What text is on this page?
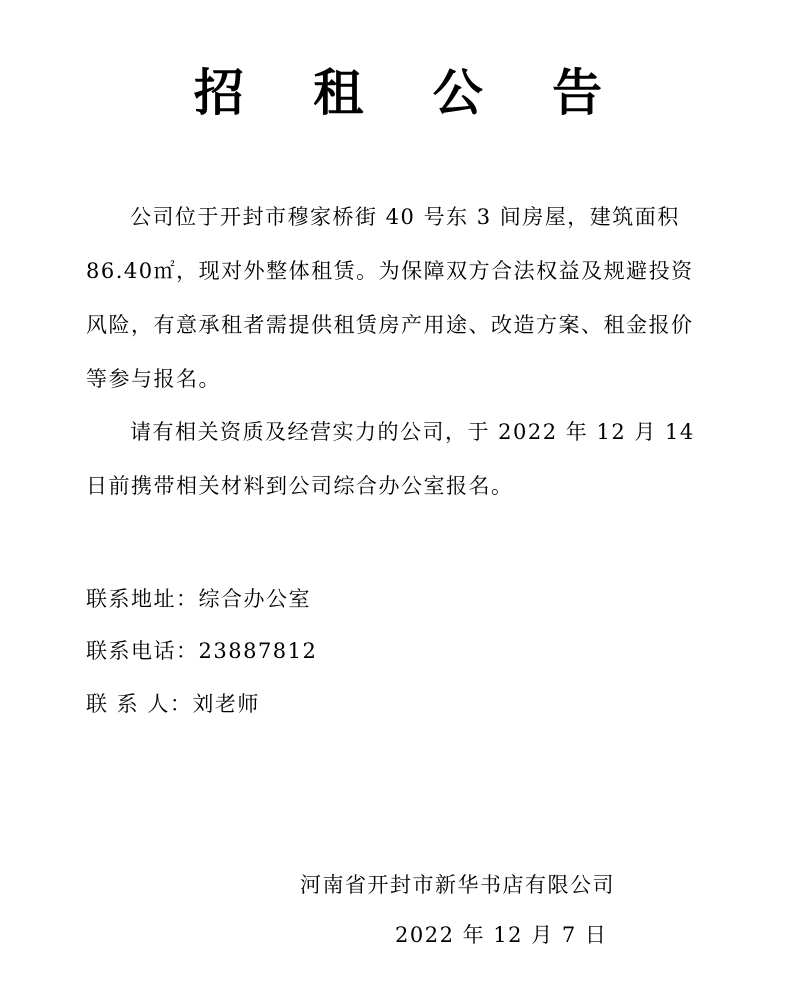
招 租 公 告

公司位于开封市穆家桥街 40 号东 3 间房屋，建筑面积 86.40㎡，现对外整体租赁。为保障双方合法权益及规避投资风险，有意承租者需提供租赁房产用途、改造方案、租金报价等参与报名。

请有相关资质及经营实力的公司，于 2022 年 12 月 14 日前携带相关材料到公司综合办公室报名。

联系地址：综合办公室
联系电话：23887812
联 系 人：刘老师
河南省开封市新华书店有限公司
2022 年 12 月 7 日
